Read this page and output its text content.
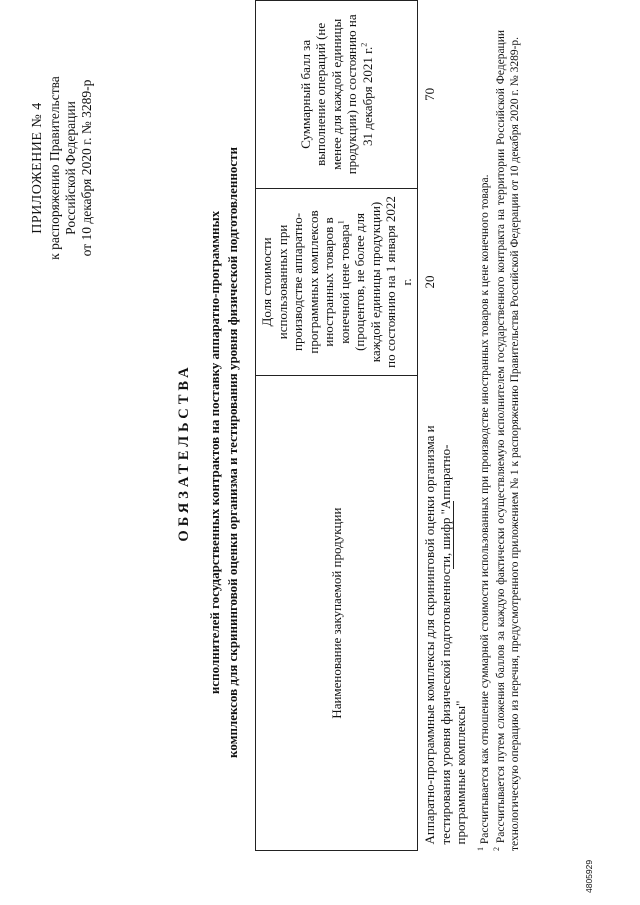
ПРИЛОЖЕНИЕ № 4 к распоряжению Правительства Российской Федерации от 10 декабря 2020 г. № 3289-р
ОБЯЗАТЕЛЬСТВА исполнителей государственных контрактов на поставку аппаратно-программных комплексов для скрининговой оценки организма и тестирования уровня физической подготовленности	Наименование закупаемой продукции	Доля стоимости использованных при производстве аппаратно-программных комплексов иностранных товаров в конечной цене товара$^1$ (процентов, не более для каждой единицы продукции) по состоянию на 1 января 2022 г.	Суммарный балл за выполнение операций (не менее для каждой единицы продукции) по состоянию на 31 декабря 2021 г.$^2$
Аппаратно-программные комплексы для скрининговой оценки организма и тестирования уровня физической подготовленности, шифр "Аппаратно-программные комплексы"	20	70

$^1$ Рассчитывается как отношение суммарной стоимости использованных при производстве иностранных товаров к цене конечного товара.

$^2$ Рассчитывается путем сложения баллов за каждую фактически осуществляемую исполнителем государственного контракта на территории Российской Федерации технологическую операцию из перечня, предусмотренного приложением № 1 к распоряжению Правительства Российской Федерации от 10 декабря 2020 г. № 3289-р.

4805929
